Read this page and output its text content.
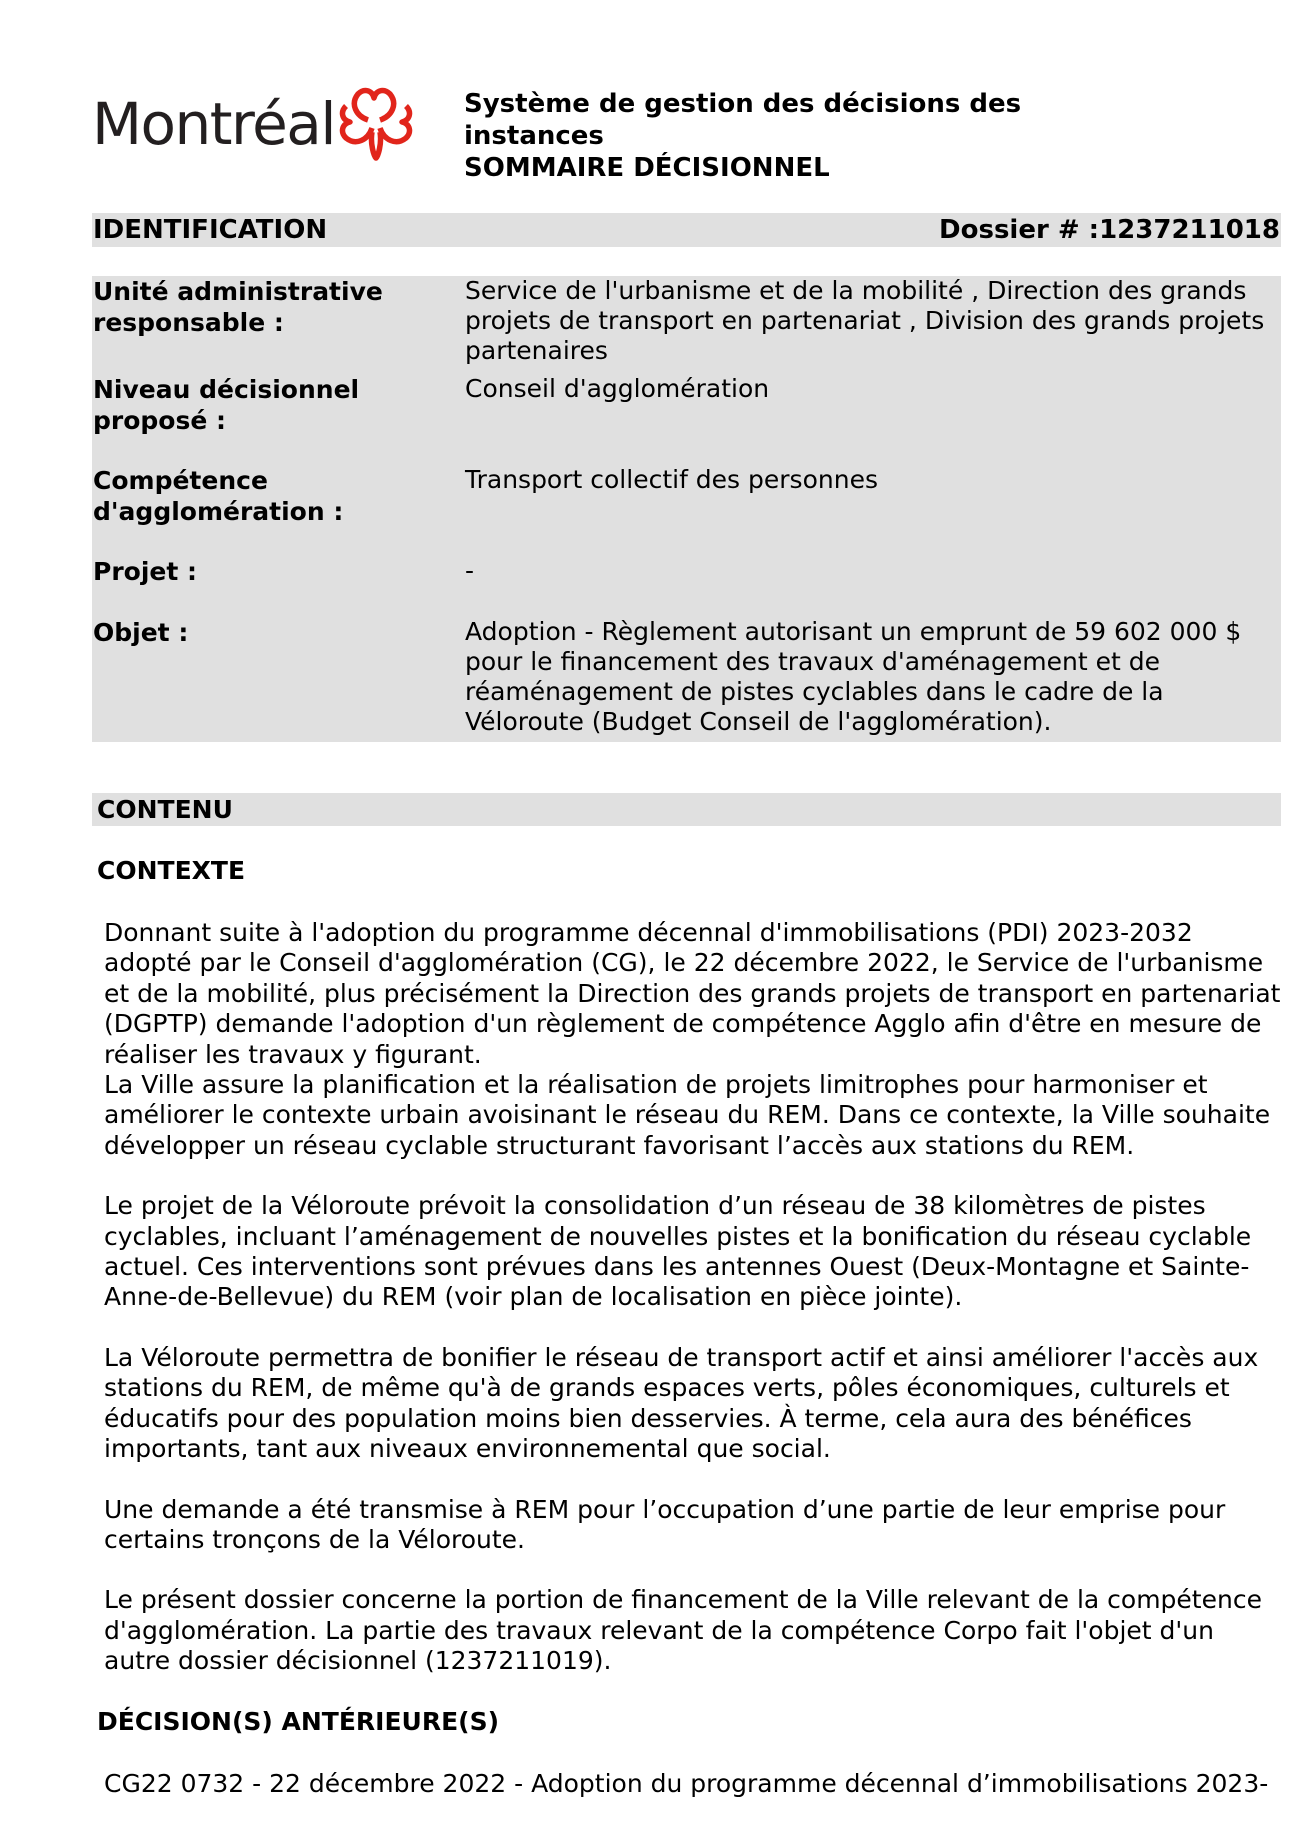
Montréal	Système de gestion des décisions des
instances
SOMMAIRE DÉCISIONNEL
IDENTIFICATION	Dossier # :1237211018
Unité administrative responsable :
Service de l'urbanisme et de la mobilité , Direction des grands projets de transport en partenariat , Division des grands projets partenaires
Niveau décisionnel proposé :
Conseil d'agglomération
Compétence d'agglomération :
Transport collectif des personnes
Projet :	-
Objet :	Adoption - Règlement autorisant un emprunt de 59 602 000 $ pour le financement des travaux d'aménagement et de réaménagement de pistes cyclables dans le cadre de la Véloroute (Budget Conseil de l'agglomération).
CONTENU
CONTEXTE

Donnant suite à l'adoption du programme décennal d'immobilisations (PDI) 2023-2032 adopté par le Conseil d'agglomération (CG), le 22 décembre 2022, le Service de l'urbanisme et de la mobilité, plus précisément la Direction des grands projets de transport en partenariat (DGPTP) demande l'adoption d'un règlement de compétence Agglo afin d'être en mesure de réaliser les travaux y figurant.

La Ville assure la planification et la réalisation de projets limitrophes pour harmoniser et améliorer le contexte urbain avoisinant le réseau du REM. Dans ce contexte, la Ville souhaite développer un réseau cyclable structurant favorisant l’accès aux stations du REM.

Le projet de la Véloroute prévoit la consolidation d’un réseau de 38 kilomètres de pistes cyclables, incluant l’aménagement de nouvelles pistes et la bonification du réseau cyclable actuel. Ces interventions sont prévues dans les antennes Ouest (Deux-Montagne et Sainte-Anne-de-Bellevue) du REM (voir plan de localisation en pièce jointe).

La Véloroute permettra de bonifier le réseau de transport actif et ainsi améliorer l'accès aux stations du REM, de même qu'à de grands espaces verts, pôles économiques, culturels et éducatifs pour des population moins bien desservies. À terme, cela aura des bénéfices importants, tant aux niveaux environnemental que social.

Une demande a été transmise à REM pour l’occupation d’une partie de leur emprise pour certains tronçons de la Véloroute.

Le présent dossier concerne la portion de financement de la Ville relevant de la compétence d'agglomération. La partie des travaux relevant de la compétence Corpo fait l'objet d'un autre dossier décisionnel (1237211019).

DÉCISION(S) ANTÉRIEURE(S)

CG22 0732 - 22 décembre 2022 - Adoption du programme décennal d’immobilisations 2023-
